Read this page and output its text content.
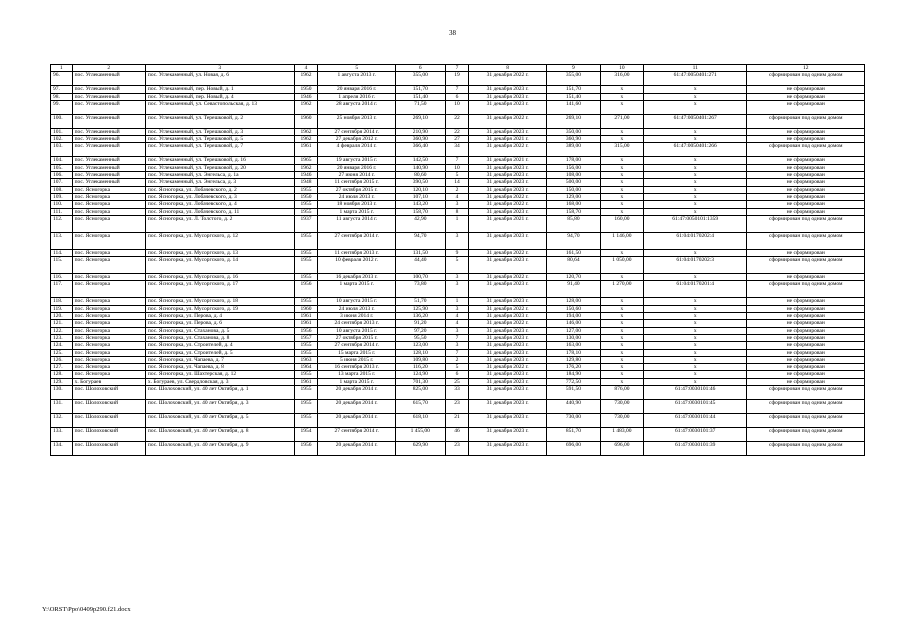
38
1	2	3	4	5	6	7	8	9	10	11	12
96.	пос. Углекаменный	пос. Углекаменный, ул. Новая, д. 6	1962	1 августа 2013 г.	355,00	19	31 декабря 2022 г.	355,00	316,00	61:47:0050401:271	сформирован под одним домом
97.	пос. Углекаменный	пос. Углекаменный, пер. Новый, д. 1	1950	20 января 2016 г.	151,70	7	31 декабря 2023 г.	151,70	х	х	не сформирован
98.	пос. Углекаменный	пос. Углекаменный, пер. Новый, д. 4	1946	1 апреля 2016 г.	151,40	6	31 декабря 2023 г.	151,40	х	х	не сформирован
99.	пос. Углекаменный	пос. Углекаменный, ул. Севастопольская, д. 13	1962	28 августа 2014 г.	71,50	10	31 декабря 2023 г.	141,60	х	х	не сформирован
100.	пос. Углекаменный	пос. Углекаменный, ул. Терешковой, д. 2	1960	25 ноября 2013 г.	269,10	22	31 декабря 2022 г.	269,10	271,00	61:47:0050401:267	сформирован под одним домом
101.	пос. Углекаменный	пос. Углекаменный, ул. Терешковой, д. 3	1962	27 сентября 2014 г.	210,90	22	31 декабря 2023 г.	350,00	х	х	не сформирован
102.	пос. Углекаменный	пос. Углекаменный, ул. Терешковой, д. 5	1962	27 декабря 2012 г.	360,90	27	31 декабря 2021 г.	360,90	х	х	не сформирован
103.	пос. Углекаменный	пос. Углекаменный, ул. Терешковой, д. 7	1961	4 февраля 2014 г.	366,40	34	31 декабря 2022 г.	389,00	315,00	61:47:0050401:266	сформирован под одним домом
104.	пос. Углекаменный	пос. Углекаменный, ул. Терешковой, д. 16	1965	19 августа 2015 г.	142,50	7	31 декабря 2021 г.	178,00	х	х	не сформирован
105.	пос. Углекаменный	пос. Углекаменный, ул. Терешковой, д. 20	1962	20 января 2016 г.	140,90	10	31 декабря 2023 г.	156,00	х	х	не сформирован
106.	пос. Углекаменный	пос. Углекаменный, ул. Энгельса, д. 1а	1946	27 июня 2014 г.	80,60	5	31 декабря 2023 г.	108,00	х	х	не сформирован
107.	пос. Углекаменный	пос. Углекаменный, ул. Энгельса, д. 3	1948	11 сентября 2015 г.	390,50	14	31 декабря 2023 г.	500,00	х	х	не сформирован
108.	пос. Ясногорка	пос. Ясногорка, ул. Лобачевского, д. 2	1955	27 октября 2015 г.	120,10	2	31 декабря 2023 г.	150,00	х	х	не сформирован
109.	пос. Ясногорка	пос. Ясногорка, ул. Лобачевского, д. 3	1950	24 июля 2013 г.	107,10	4	31 декабря 2022 г.	129,00	х	х	не сформирован
110.	пос. Ясногорка	пос. Ясногорка, ул. Лобачевского, д. 4	1955	18 ноября 2013 г.	143,20	3	31 декабря 2022 г.	168,00	х	х	не сформирован
111.	пос. Ясногорка	пос. Ясногорка, ул. Лобачевского, д. 11	1955	1 марта 2015 г.	158,70	8	31 декабря 2023 г.	158,70	х	х	не сформирован
112.	пос. Ясногорка	пос. Ясногорка, ул. Л. Толстого, д. 2	1937	11 августа 2014 г.	42,90	1	31 декабря 2021 г.	85,80	160,00	61:47:0050101:1359	сформирован под одним домом
113.	пос. Ясногорка	пос. Ясногорка, ул. Мусоргского, д. 12	1955	27 сентября 2014 г.	94,70	3	31 декабря 2023 г.	94,70	1 146,00	61:04:0170202:4	сформирован под одним домом
114.	пос. Ясногорка	пос. Ясногорка, ул. Мусоргского, д. 13	1955	11 сентября 2013 г.	131,50	9	31 декабря 2022 г.	161,50	х	х	не сформирован
115.	пос. Ясногорка	пос. Ясногорка, ул. Мусоргского, д. 14	1955	10 февраля 2012 г.	44,40	5	31 декабря 2023 г.	80,64	1 050,00	61:04:0170202:3	сформирован под одним домом
116.	пос. Ясногорка	пос. Ясногорка, ул. Мусоргского, д. 16	1955	16 декабря 2013 г.	100,70	3	31 декабря 2022 г.	120,70	х	х	не сформирован
117.	пос. Ясногорка	пос. Ясногорка, ул. Мусоргского, д. 17	1956	1 марта 2015 г.	73,80	3	31 декабря 2023 г.	91,40	1 270,00	61:04:0170201:4	сформирован под одним домом
118.	пос. Ясногорка	пос. Ясногорка, ул. Мусоргского, д. 18	1955	10 августа 2015 г.	51,70	1	31 декабря 2023 г.	128,00	х	х	не сформирован
119.	пос. Ясногорка	пос. Ясногорка, ул. Мусоргского, д. 19	1960	24 июля 2013 г.	125,90	3	31 декабря 2022 г.	150,60	х	х	не сформирован
120.	пос. Ясногорка	пос. Ясногорка, ул. Перова, д. 4	1961	3 июня 2014 г.	136,20	4	31 декабря 2023 г.	194,00	х	х	не сформирован
121.	пос. Ясногорка	пос. Ясногорка, ул. Перова, д. 6	1961	24 сентября 2013 г.	91,20	4	31 декабря 2022 г.	146,00	х	х	не сформирован
122.	пос. Ясногорка	пос. Ясногорка, ул. Стаханова, д. 5	1956	10 августа 2015 г.	97,20	3	31 декабря 2023 г.	127,00	х	х	не сформирован
123.	пос. Ясногорка	пос. Ясногорка, ул. Стаханова, д. 8	1957	27 октября 2015 г.	95,50	7	31 декабря 2023 г.	130,00	х	х	не сформирован
124.	пос. Ясногорка	пос. Ясногорка, ул. Строителей, д. 4	1955	27 сентября 2014 г.	123,00	3	31 декабря 2023 г.	163,00	х	х	не сформирован
125.	пос. Ясногорка	пос. Ясногорка, ул. Строителей, д. 5	1955	15 марта 2015 г.	128,10	7	31 декабря 2023 г.	178,10	х	х	не сформирован
126.	пос. Ясногорка	пос. Ясногорка, ул. Чапаева, д. 7	1963	5 июня 2015 г.	109,80	2	31 декабря 2023 г.	129,80	х	х	не сформирован
127.	пос. Ясногорка	пос. Ясногорка, ул. Чапаева, д. 8	1964	16 сентября 2013 г.	116,20	5	31 декабря 2022 г.	176,20	х	х	не сформирован
128.	пос. Ясногорка	пос. Ясногорка, ул. Шахтерская, д. 12	1955	13 марта 2015 г.	124,90	6	31 декабря 2023 г.	184,90	х	х	не сформирован
129.	х. Богураев	х. Богураев, ул. Свердловская, д. 3	1961	1 марта 2015 г.	701,30	25	31 декабря 2023 г.	772,50	х	х	не сформирован
130.	пос. Шолоховский	пос. Шолоховский, ул. 40 лет Октября, д. 1	1955	20 декабря 2014 г.	825,00	33	31 декабря 2023 г.	591,50	876,00	61:47:0030101:46	сформирован под одним домом
131.	пос. Шолоховский	пос. Шолоховский, ул. 40 лет Октября, д. 3	1955	20 декабря 2014 г.	615,70	23	31 декабря 2023 г.	440,90	730,00	61:47:0030101:45	сформирован под одним домом
132.	пос. Шолоховский	пос. Шолоховский, ул. 40 лет Октября, д. 5	1955	20 декабря 2014 г.	618,10	21	31 декабря 2023 г.	730,00	730,00	61:47:0030101:44	сформирован под одним домом
133.	пос. Шолоховский	пос. Шолоховский, ул. 40 лет Октября, д. 8	1954	27 сентября 2014 г.	1 455,00	46	31 декабря 2023 г.	851,70	1 483,00	61:47:0030101:37	сформирован под одним домом
134.	пос. Шолоховский	пос. Шолоховский, ул. 40 лет Октября, д. 9	1956	20 декабря 2014 г.	629,90	23	31 декабря 2023 г.	696,00	696,00	61:47:0030101:39	сформирован под одним домом
Y:\ORST\Ppo\0409p290.f21.docx
